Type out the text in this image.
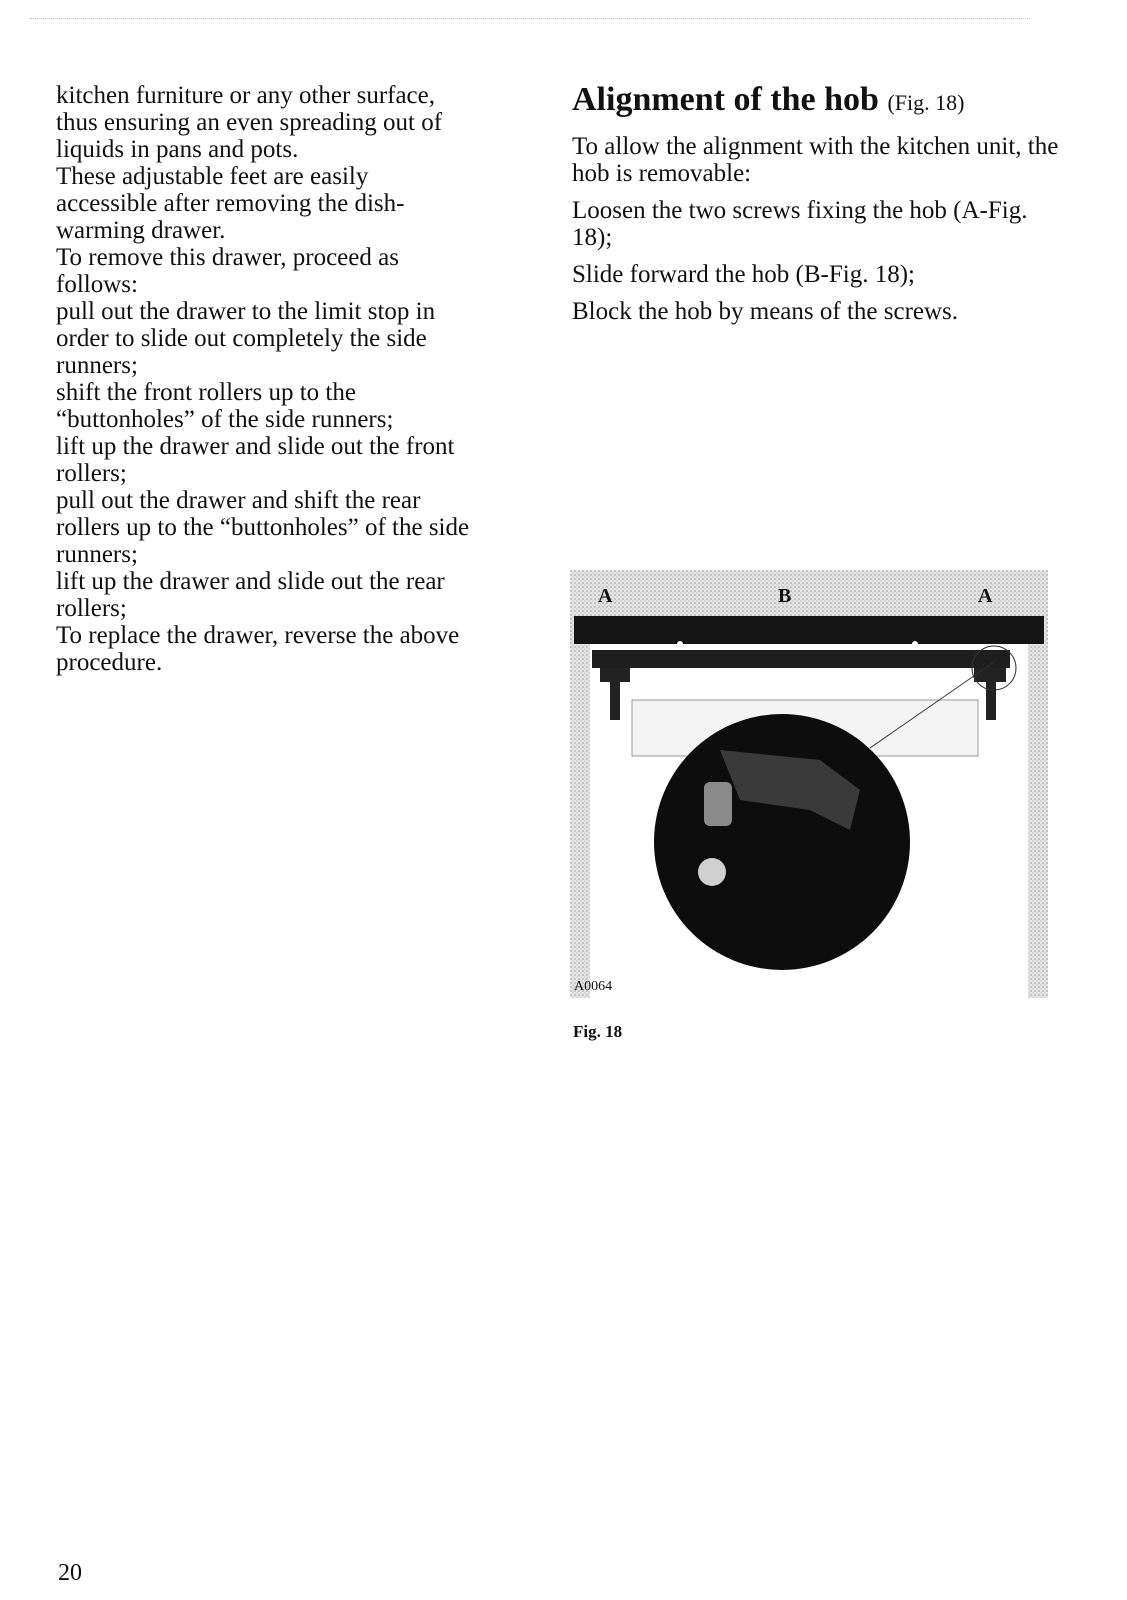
kitchen furniture or any other surface,

thus ensuring an even spreading out of

liquids in pans and pots.

These adjustable feet are easily

accessible after removing the dish-

warming drawer.

To remove this drawer, proceed as

follows:

pull out the drawer to the limit stop in

order to slide out completely the side

runners;

shift the front rollers up to the

“buttonholes” of the side runners;

lift up the drawer and slide out the front

rollers;

pull out the drawer and shift the rear

rollers up to the “buttonholes” of the side

runners;

lift up the drawer and slide out the rear

rollers;

To replace the drawer, reverse the above

procedure.

Alignment of the hob (Fig. 18)

To allow the alignment with the kitchen unit, the hob is removable:

Loosen the two screws fixing the hob (A-Fig. 18);

Slide forward the hob (B-Fig. 18);

Block the hob by means of the screws.

A	B	A
A0064
Fig. 18
20
